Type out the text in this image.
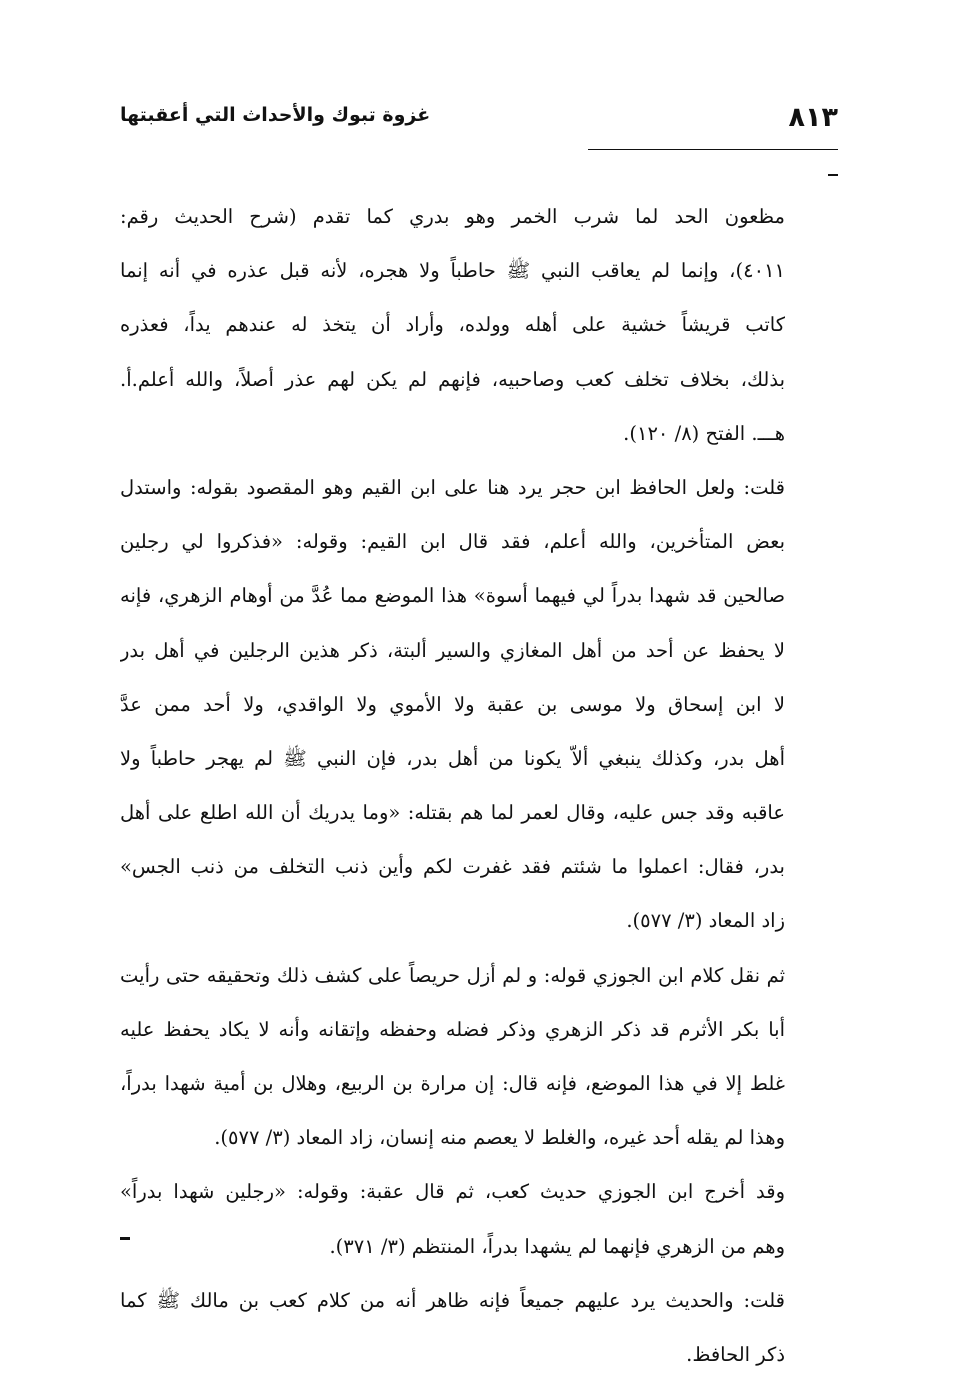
٨١٣
غزوة تبوك والأحداث التي أعقبتها
مظعون الحد لما شرب الخمر وهو بدري كما تقدم (شرح الحديث رقم:
٤٠١١)، وإنما لم يعاقب النبي ﷺ حاطباً ولا هجره، لأنه قبل عذره في أنه إنما
كاتب قريشاً خشية على أهله وولده، وأراد أن يتخذ له عندهم يداً، فعذره
بذلك، بخلاف تخلف كعب وصاحبيه، فإنهم لم يكن لهم عذر أصلاً، والله أعلم.أ.
هـــ. الفتح (٨/ ١٢٠).
قلت: ولعل الحافظ ابن حجر يرد هنا على ابن القيم وهو المقصود بقوله: واستدل
بعض المتأخرين، والله أعلم، فقد قال ابن القيم: وقوله: «فذكروا لي رجلين
صالحين قد شهدا بدراً لي فيهما أسوة» هذا الموضع مما عُدَّ من أوهام الزهري، فإنه
لا يحفظ عن أحد من أهل المغازي والسير ألبتة، ذكر هذين الرجلين في أهل بدر
لا ابن إسحاق ولا موسى بن عقبة ولا الأموي ولا الواقدي، ولا أحد ممن عدَّ
أهل بدر، وكذلك ينبغي ألاّ يكونا من أهل بدر، فإن النبي ﷺ لم يهجر حاطباً ولا
عاقبه وقد جس عليه، وقال لعمر لما هم بقتله: «وما يدريك أن الله اطلع على أهل
بدر، فقال: اعملوا ما شئتم فقد غفرت لكم وأين ذنب التخلف من ذنب الجس»
زاد المعاد (٣/ ٥٧٧).
ثم نقل كلام ابن الجوزي قوله: و لم أزل حريصاً على كشف ذلك وتحقيقه حتى رأيت
أبا بكر الأثرم قد ذكر الزهري وذكر فضله وحفظه وإتقانه وأنه لا يكاد يحفظ عليه
غلط إلا في هذا الموضع، فإنه قال: إن مرارة بن الربيع، وهلال بن أمية شهدا بدراً،
وهذا لم يقله أحد غيره، والغلط لا يعصم منه إنسان، زاد المعاد (٣/ ٥٧٧).
وقد أخرج ابن الجوزي حديث كعب، ثم قال عقبة: وقوله: «رجلين شهدا بدراً»
وهم من الزهري فإنهما لم يشهدا بدراً، المنتظم (٣/ ٣٧١).
قلت: والحديث يرد عليهم جميعاً فإنه ظاهر أنه من كلام كعب بن مالك ﷺ كما
ذكر الحافظ.
